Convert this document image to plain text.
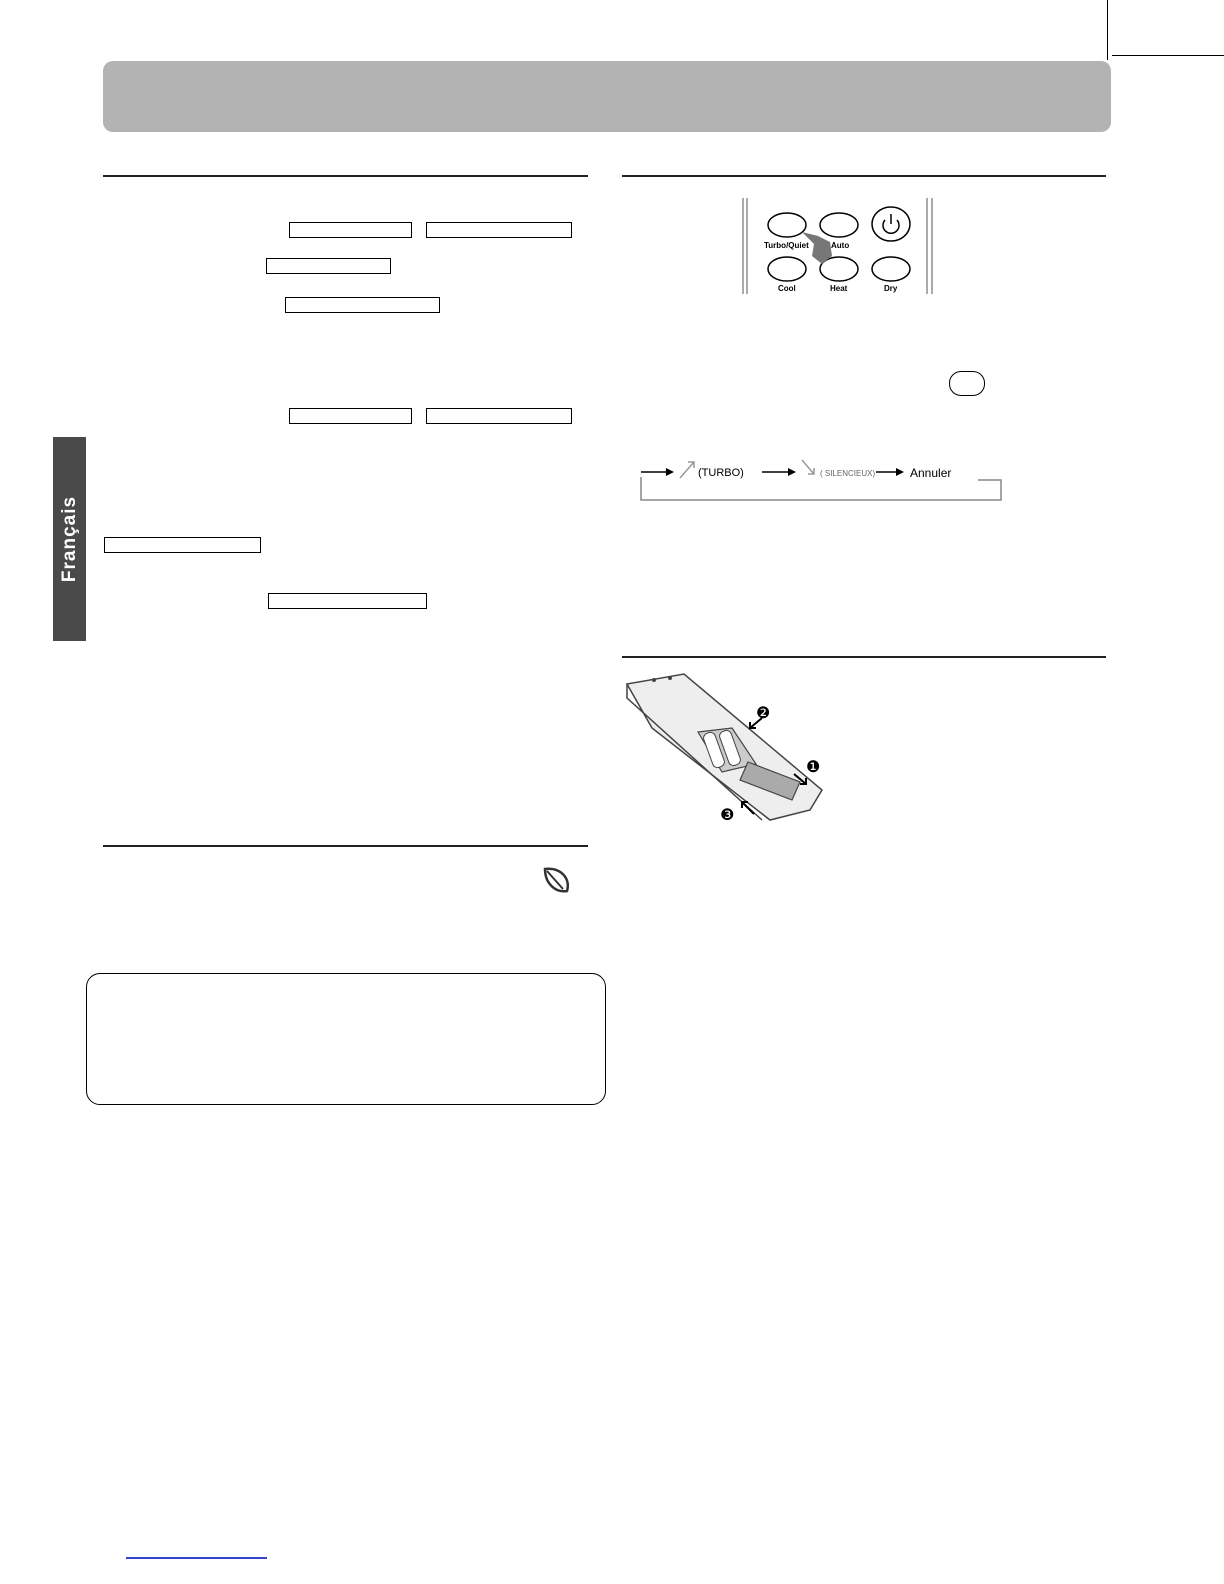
Français
Turbo/Quiet	Auto
Cool	Heat	Dry
(TURBO)	( SILENCIEUX)	Annuler
❷
❶
❸
